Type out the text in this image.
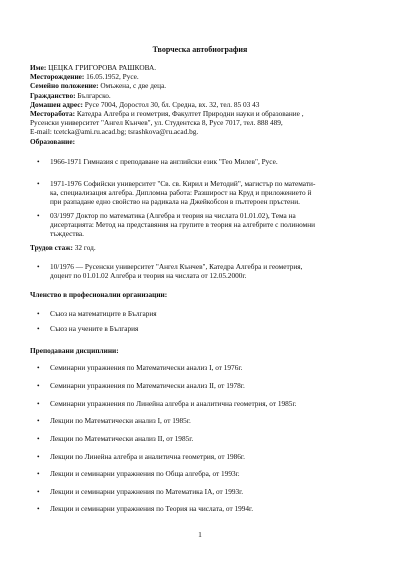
Творческа автобиография
Име: ЦЕЦКА ГРИГОРОВА РАШКОВА.
Месторождение: 16.05.1952, Русе.
Семейно положение: Омъжена, с две деца.
Гражданство: Българско.
Домашен адрес: Русе 7004, Доростол 30, бл. Средна, вх. 32, тел. 85 03 43
Месторабота: Катедра Алгебра и геометрия, Факултет Природни науки и образование ,
Русенски университет "Ангел Кънчев", ул. Студентска 8, Русе 7017, тел. 888 489,
E-mail: tcetcka@ami.ru.acad.bg; tsrashkova@ru.acad.bg.
Образование:
• 1966-1971 Гимназия с преподаване на английски език "Гео Милев", Русе.
• 1971-1976 Софийски университет "Св. св. Кирил и Методий", магистър по математи-
ка, специализация алгебра. Дипломна работа: Разширост на Круд и приложението й
при разпадане едно свойство на радикала на Джейкобсон в пълтероен пръстени.
• 03/1997 Доктор по математика (Алгебра и теория на числата 01.01.02), Тема на
дисертацията: Метод на представяния на групите в теория на алгебрите с полиномни
тъждества.
Трудов стаж: 32 год.
• 10/1976 — Русенски университет "Ангел Кънчев", Катедра Алгебра и геометрия,
доцент по 01.01.02 Алгебра и теория на числата от 12.05.2000г.
Членство в професионални организации:
• Съюз на математиците в България
• Съюз на учените в България
Преподавани дисциплини:
• Семинарни упражнения по Математически анализ I, от 1976г.
• Семинарни упражнения по Математически анализ II, от 1978г.
• Семинарни упражнения по Линейна алгебра и аналитична геометрия, от 1985г.
• Лекции по Математически анализ I, от 1985г.
• Лекции по Математически анализ II, от 1985г.
• Лекции по Линейна алгебра и аналитична геометрия, от 1986г.
• Лекции и семинарни упражнения по Обща алгебра, от 1993г.
• Лекции и семинарни упражнения по Математика IA, от 1993г.
• Лекции и семинарни упражнения по Теория на числата, от 1994г.
1
